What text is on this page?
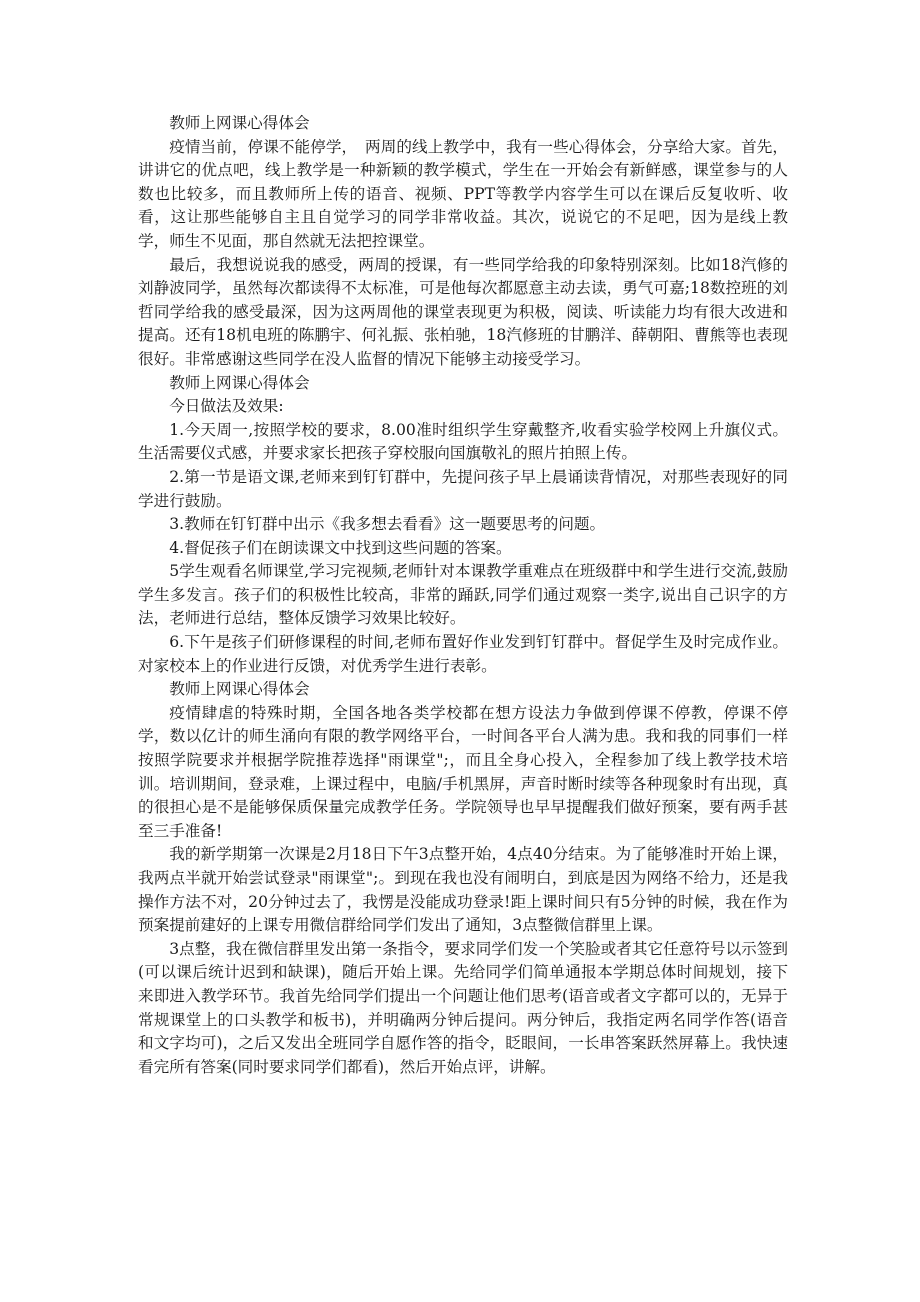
教师上网课心得体会

疫情当前，停课不能停学，　两周的线上教学中，我有一些心得体会，分享给大家。首先，讲讲它的优点吧，线上教学是一种新颖的教学模式，学生在一开始会有新鲜感，课堂参与的人数也比较多，而且教师所上传的语音、视频、PPT等教学内容学生可以在课后反复收听、收看，这让那些能够自主且自觉学习的同学非常收益。其次，说说它的不足吧，因为是线上教学，师生不见面，那自然就无法把控课堂。

最后，我想说说我的感受，两周的授课，有一些同学给我的印象特别深刻。比如18汽修的刘静波同学，虽然每次都读得不太标准，可是他每次都愿意主动去读，勇气可嘉;18数控班的刘哲同学给我的感受最深，因为这两周他的课堂表现更为积极，阅读、听读能力均有很大改进和提高。还有18机电班的陈鹏宇、何礼振、张柏驰，18汽修班的甘鹏洋、薛朝阳、曹熊等也表现很好。非常感谢这些同学在没人监督的情况下能够主动接受学习。

教师上网课心得体会

今日做法及效果:

1.今天周一,按照学校的要求，8.00准时组织学生穿戴整齐,收看实验学校网上升旗仪式。生活需要仪式感，并要求家长把孩子穿校服向国旗敬礼的照片拍照上传。

2.第一节是语文课,老师来到钉钉群中，先提问孩子早上晨诵读背情况，对那些表现好的同学进行鼓励。

3.教师在钉钉群中出示《我多想去看看》这一题要思考的问题。

4.督促孩子们在朗读课文中找到这些问题的答案。

5学生观看名师课堂,学习完视频,老师针对本课教学重难点在班级群中和学生进行交流,鼓励学生多发言。孩子们的积极性比较高，非常的踊跃,同学们通过观察一类字,说出自己识字的方法，老师进行总结，整体反馈学习效果比较好。

6.下午是孩子们研修课程的时间,老师布置好作业发到钉钉群中。督促学生及时完成作业。对家校本上的作业进行反馈，对优秀学生进行表彰。

教师上网课心得体会

疫情肆虐的特殊时期，全国各地各类学校都在想方设法力争做到停课不停教，停课不停学，数以亿计的师生涌向有限的教学网络平台，一时间各平台人满为患。我和我的同事们一样按照学院要求并根据学院推荐选择"雨课堂";，而且全身心投入，全程参加了线上教学技术培训。培训期间，登录难，上课过程中，电脑/手机黑屏，声音时断时续等各种现象时有出现，真的很担心是不是能够保质保量完成教学任务。学院领导也早早提醒我们做好预案，要有两手甚至三手准备!

我的新学期第一次课是2月18日下午3点整开始，4点40分结束。为了能够准时开始上课，我两点半就开始尝试登录"雨课堂";。到现在我也没有闹明白，到底是因为网络不给力，还是我操作方法不对，20分钟过去了，我愣是没能成功登录!距上课时间只有5分钟的时候，我在作为预案提前建好的上课专用微信群给同学们发出了通知，3点整微信群里上课。

3点整，我在微信群里发出第一条指令，要求同学们发一个笑脸或者其它任意符号以示签到(可以课后统计迟到和缺课)，随后开始上课。先给同学们简单通报本学期总体时间规划，接下来即进入教学环节。我首先给同学们提出一个问题让他们思考(语音或者文字都可以的，无异于常规课堂上的口头教学和板书)，并明确两分钟后提问。两分钟后，我指定两名同学作答(语音和文字均可)，之后又发出全班同学自愿作答的指令，眨眼间，一长串答案跃然屏幕上。我快速看完所有答案(同时要求同学们都看)，然后开始点评，讲解。
